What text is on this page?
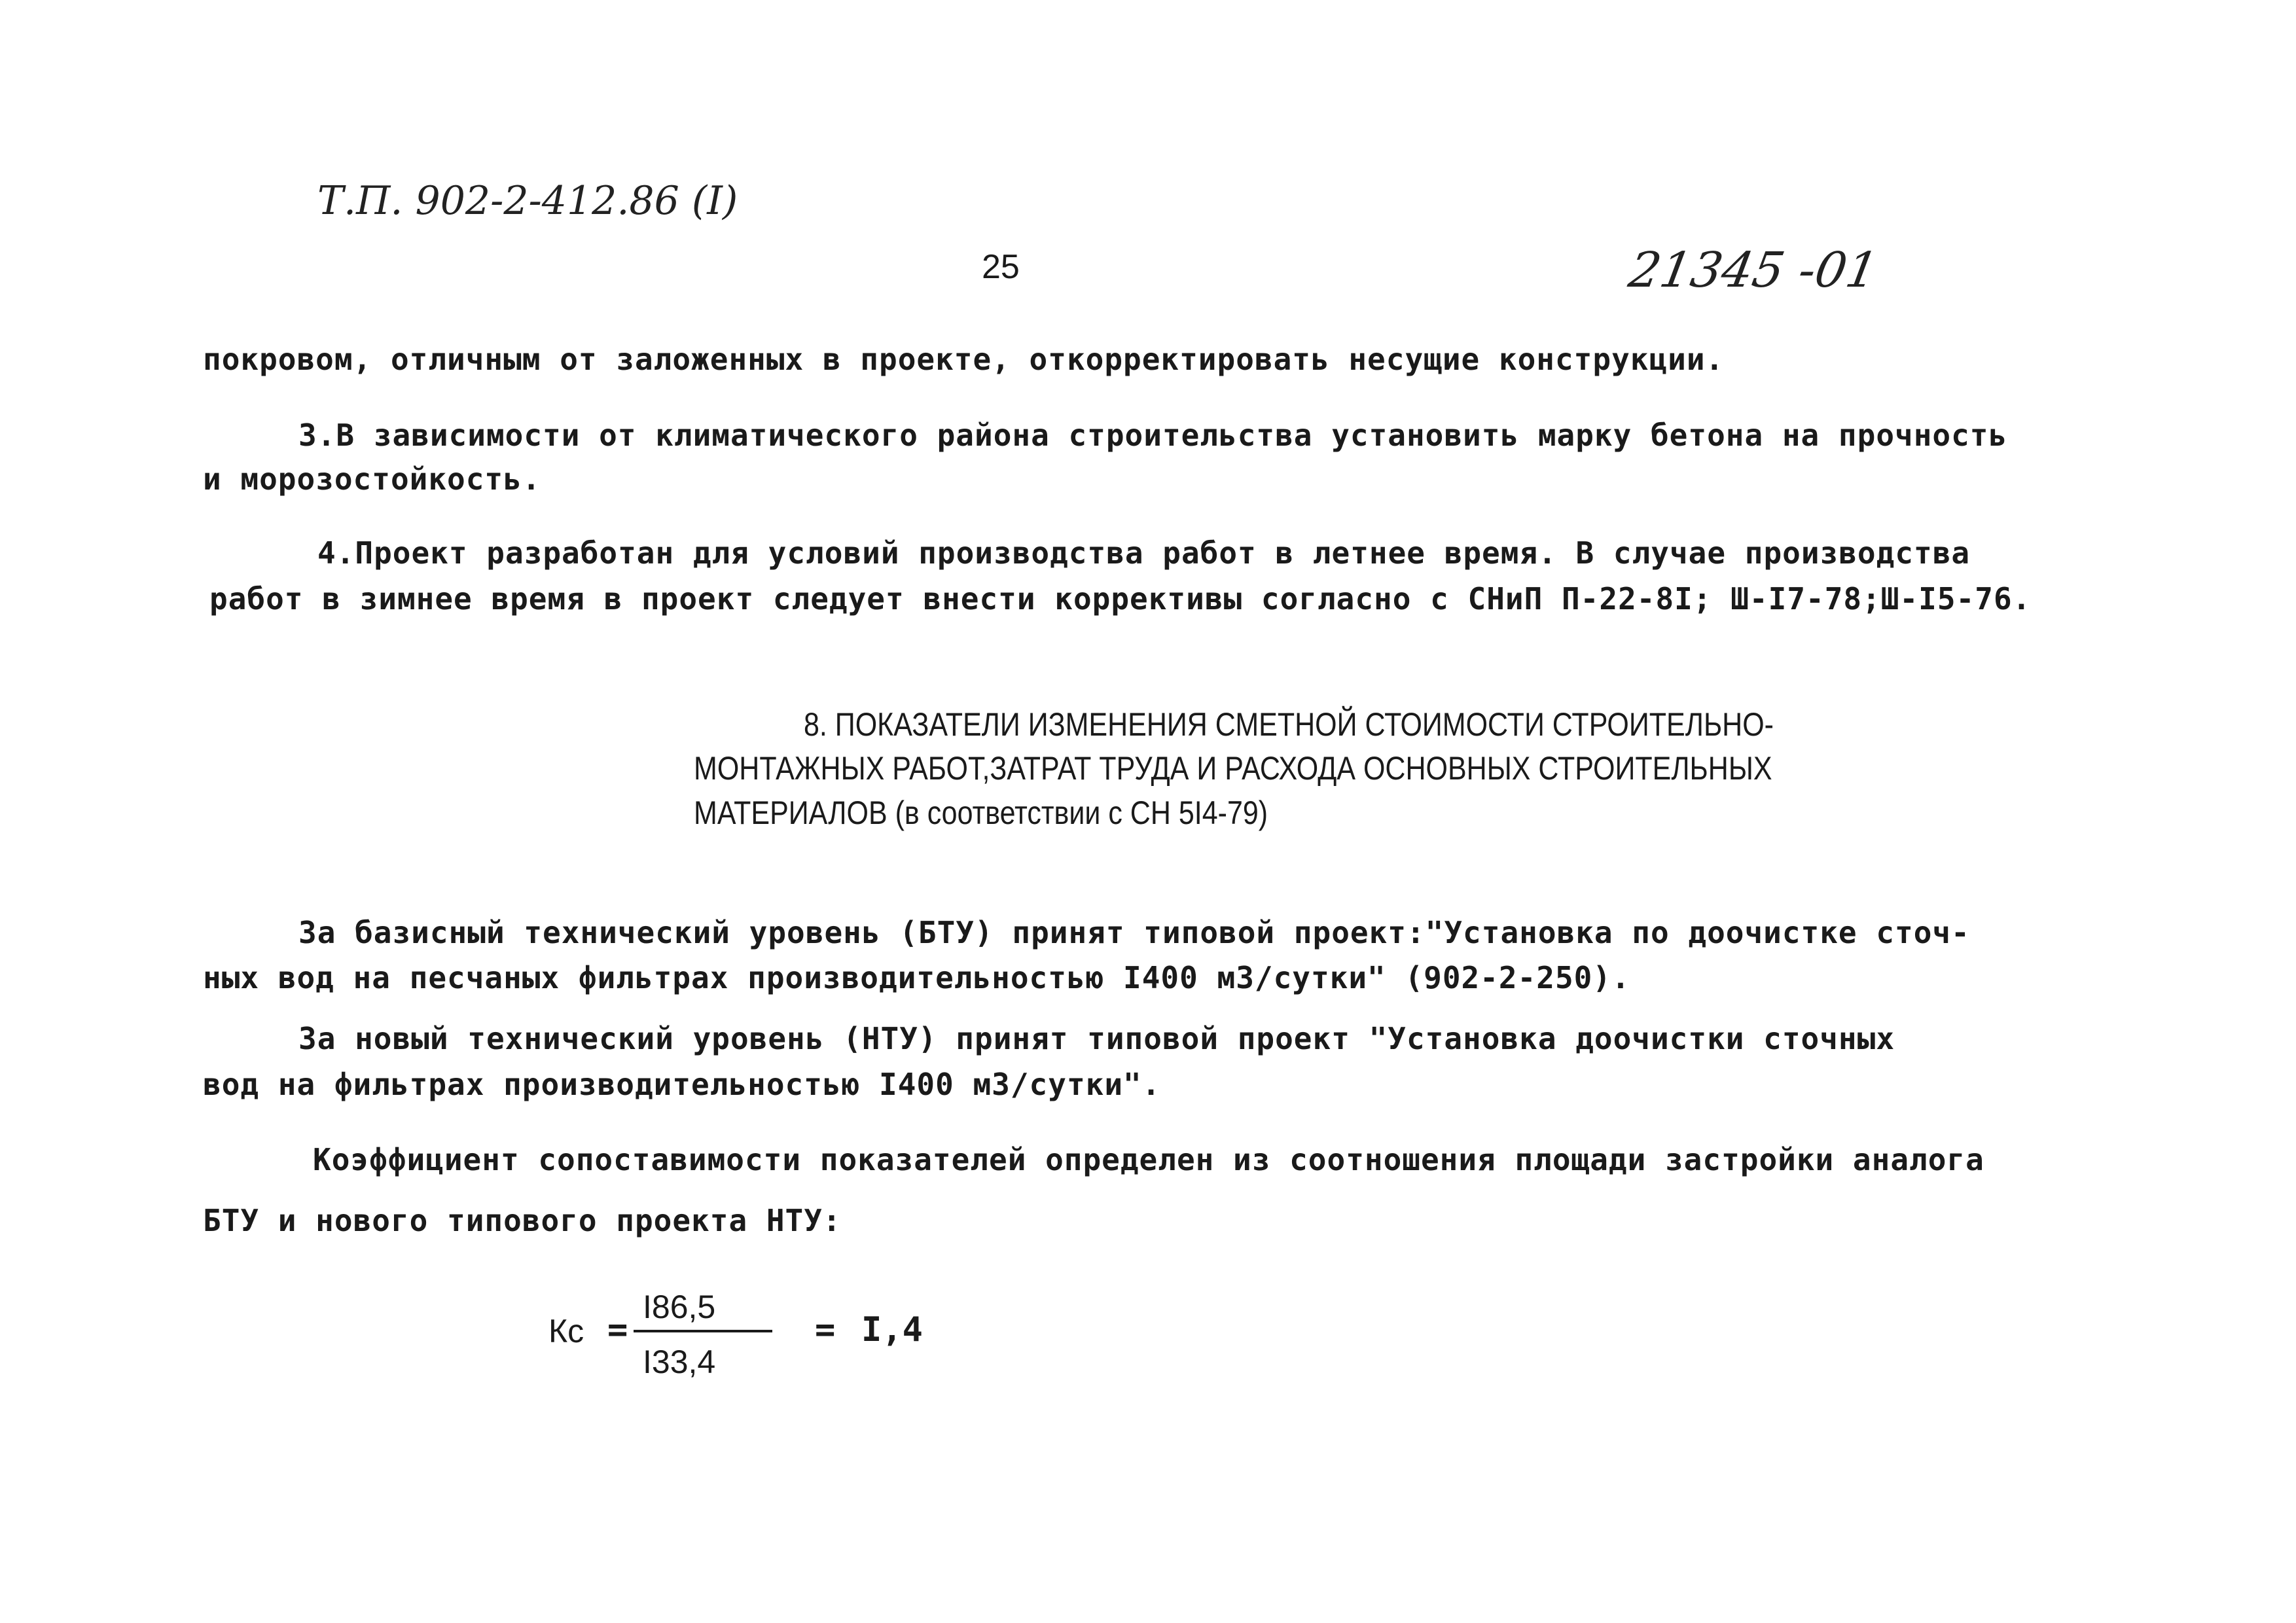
Т.П. 902-2-412.86 (I)
25	21345 -01
покровом, отличным от заложенных в проекте, откорректировать несущие конструкции.
3.В зависимости от климатического района строительства установить марку бетона на прочность
и морозостойкость.
4.Проект разработан для условий производства работ в летнее время. В случае производства
работ в зимнее время в проект следует внести коррективы согласно с СНиП П-22-8I; Ш-I7-78;Ш-I5-76.
8. ПОКАЗАТЕЛИ ИЗМЕНЕНИЯ СМЕТНОЙ СТОИМОСТИ СТРОИТЕЛЬНО-
МОНТАЖНЫХ РАБОТ,ЗАТРАТ ТРУДА И РАСХОДА ОСНОВНЫХ СТРОИТЕЛЬНЫХ
МАТЕРИАЛОВ (в соответствии с СН 5I4-79)
За базисный технический уровень (БТУ) принят типовой проект:"Установка по доочистке сточ-
ных вод на песчаных фильтрах производительностью I400 м3/сутки" (902-2-250).
За новый технический уровень (НТУ) принят типовой проект "Установка доочистки сточных
вод на фильтрах производительностью I400 м3/сутки".
Коэффициент сопоставимости показателей определен из соотношения площади застройки аналога
БТУ и нового типового проекта НТУ:
Кс =
I86,5
I33,4
= I,4
